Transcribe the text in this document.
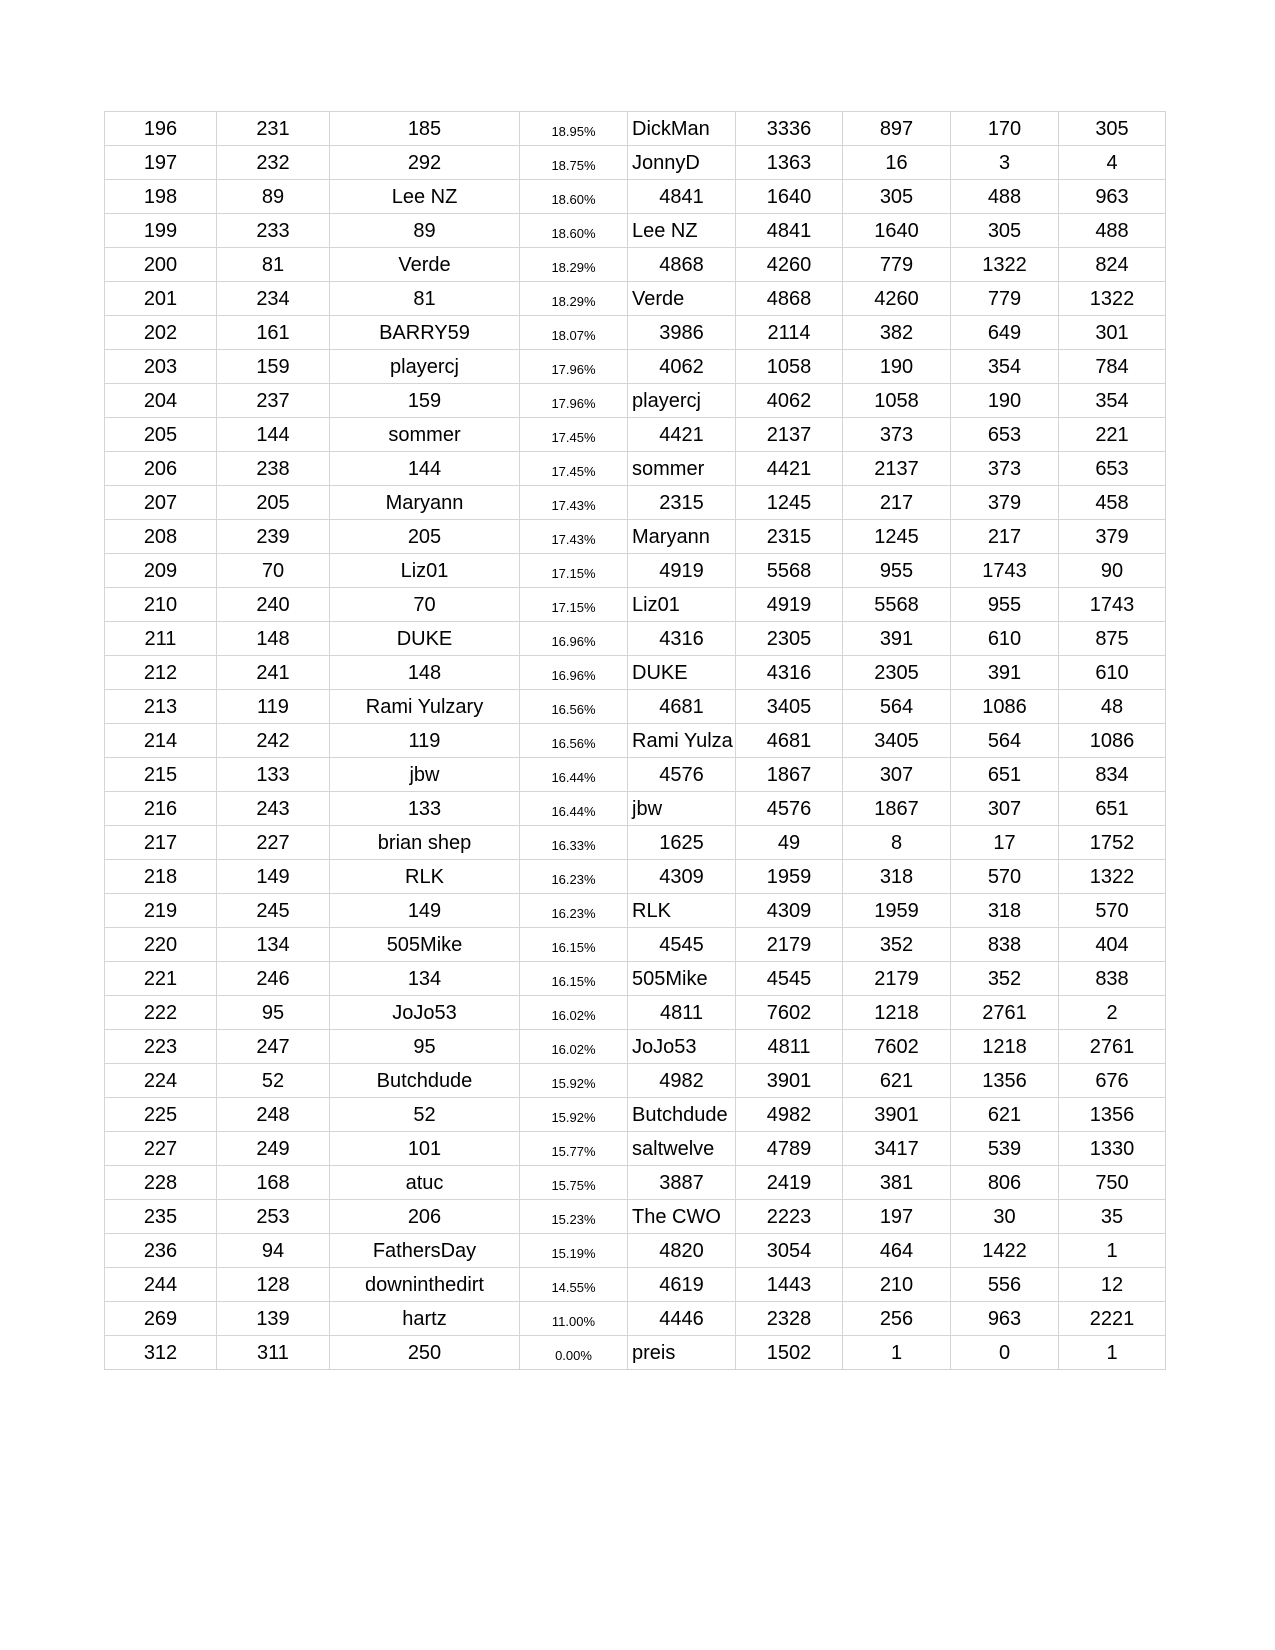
196	231	185	18.95%	DickMan	3336	897	170	305
197	232	292	18.75%	JonnyD	1363	16	3	4
198	89	Lee NZ	18.60%	4841	1640	305	488	963
199	233	89	18.60%	Lee NZ	4841	1640	305	488
200	81	Verde	18.29%	4868	4260	779	1322	824
201	234	81	18.29%	Verde	4868	4260	779	1322
202	161	BARRY59	18.07%	3986	2114	382	649	301
203	159	playercj	17.96%	4062	1058	190	354	784
204	237	159	17.96%	playercj	4062	1058	190	354
205	144	sommer	17.45%	4421	2137	373	653	221
206	238	144	17.45%	sommer	4421	2137	373	653
207	205	Maryann	17.43%	2315	1245	217	379	458
208	239	205	17.43%	Maryann	2315	1245	217	379
209	70	Liz01	17.15%	4919	5568	955	1743	90
210	240	70	17.15%	Liz01	4919	5568	955	1743
211	148	DUKE	16.96%	4316	2305	391	610	875
212	241	148	16.96%	DUKE	4316	2305	391	610
213	119	Rami Yulzary	16.56%	4681	3405	564	1086	48
214	242	119	16.56%	Rami Yulza	4681	3405	564	1086
215	133	jbw	16.44%	4576	1867	307	651	834
216	243	133	16.44%	jbw	4576	1867	307	651
217	227	brian shep	16.33%	1625	49	8	17	1752
218	149	RLK	16.23%	4309	1959	318	570	1322
219	245	149	16.23%	RLK	4309	1959	318	570
220	134	505Mike	16.15%	4545	2179	352	838	404
221	246	134	16.15%	505Mike	4545	2179	352	838
222	95	JoJo53	16.02%	4811	7602	1218	2761	2
223	247	95	16.02%	JoJo53	4811	7602	1218	2761
224	52	Butchdude	15.92%	4982	3901	621	1356	676
225	248	52	15.92%	Butchdude	4982	3901	621	1356
227	249	101	15.77%	saltwelve	4789	3417	539	1330
228	168	atuc	15.75%	3887	2419	381	806	750
235	253	206	15.23%	The CWO	2223	197	30	35
236	94	FathersDay	15.19%	4820	3054	464	1422	1
244	128	downinthedirt	14.55%	4619	1443	210	556	12
269	139	hartz	11.00%	4446	2328	256	963	2221
312	311	250	0.00%	preis	1502	1	0	1
